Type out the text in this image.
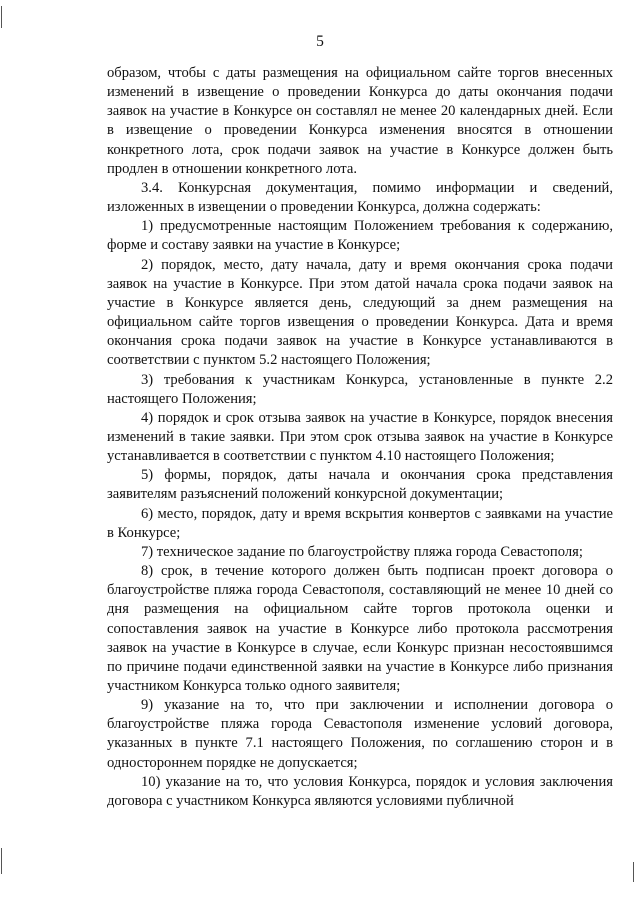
5

образом, чтобы с даты размещения на официальном сайте торгов внесенных изменений в извещение о проведении Конкурса до даты окончания подачи заявок на участие в Конкурсе он составлял не менее 20 календарных дней. Если в извещение о проведении Конкурса изменения вносятся в отношении конкретного лота, срок подачи заявок на участие в Конкурсе должен быть продлен в отношении конкретного лота.

3.4. Конкурсная документация, помимо информации и сведений, изложенных в извещении о проведении Конкурса, должна содержать:

1) предусмотренные настоящим Положением требования к содержанию, форме и составу заявки на участие в Конкурсе;

2) порядок, место, дату начала, дату и время окончания срока подачи заявок на участие в Конкурсе. При этом датой начала срока подачи заявок на участие в Конкурсе является день, следующий за днем размещения на официальном сайте торгов извещения о проведении Конкурса. Дата и время окончания срока подачи заявок на участие в Конкурсе устанавливаются в соответствии с пунктом 5.2 настоящего Положения;

3) требования к участникам Конкурса, установленные в пункте 2.2 настоящего Положения;

4) порядок и срок отзыва заявок на участие в Конкурсе, порядок внесения изменений в такие заявки. При этом срок отзыва заявок на участие в Конкурсе устанавливается в соответствии с пунктом 4.10 настоящего Положения;

5) формы, порядок, даты начала и окончания срока представления заявителям разъяснений положений конкурсной документации;

6) место, порядок, дату и время вскрытия конвертов с заявками на участие в Конкурсе;

7) техническое задание по благоустройству пляжа города Севастополя;

8) срок, в течение которого должен быть подписан проект договора о благоустройстве пляжа города Севастополя, составляющий не менее 10 дней со дня размещения на официальном сайте торгов протокола оценки и сопоставления заявок на участие в Конкурсе либо протокола рассмотрения заявок на участие в Конкурсе в случае, если Конкурс признан несостоявшимся по причине подачи единственной заявки на участие в Конкурсе либо признания участником Конкурса только одного заявителя;

9) указание на то, что при заключении и исполнении договора о благоустройстве пляжа города Севастополя изменение условий договора, указанных в пункте 7.1 настоящего Положения, по соглашению сторон и в одностороннем порядке не допускается;

10) указание на то, что условия Конкурса, порядок и условия заключения договора с участником Конкурса являются условиями публичной
